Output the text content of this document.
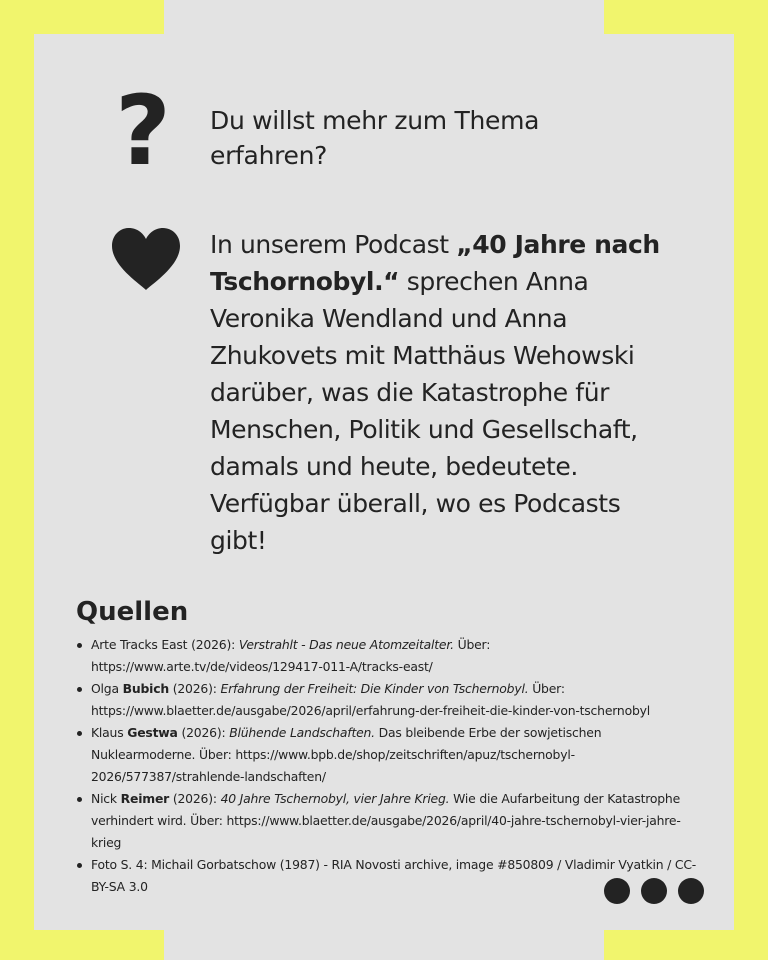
? Du willst mehr zum Thema
erfahren?
In unserem Podcast „40 Jahre nach Tschornobyl.“ sprechen Anna Veronika Wendland und Anna Zhukovets mit Matthäus Wehowski darüber, was die Katastrophe für Menschen, Politik und Gesellschaft, damals und heute, bedeutete. Verfügbar überall, wo es Podcasts gibt!
Quellen
Arte Tracks East (2026): Verstrahlt - Das neue Atomzeitalter. Über: https://www.arte.tv/de/videos/129417-011-A/tracks-east/
Olga Bubich (2026): Erfahrung der Freiheit: Die Kinder von Tschernobyl. Über: https://www.blaetter.de/ausgabe/2026/april/erfahrung-der-freiheit-die-kinder-von-tschernobyl
Klaus Gestwa (2026): Blühende Landschaften. Das bleibende Erbe der sowjetischen Nuklearmoderne. Über: https://www.bpb.de/shop/zeitschriften/apuz/tschernobyl-2026/577387/strahlende-landschaften/
Nick Reimer (2026): 40 Jahre Tschernobyl, vier Jahre Krieg. Wie die Aufarbeitung der Katastrophe verhindert wird. Über: https://www.blaetter.de/ausgabe/2026/april/40-jahre-tschernobyl-vier-jahre-krieg
Foto S. 4: Michail Gorbatschow (1987) - RIA Novosti archive, image #850809 / Vladimir Vyatkin / CC-BY-SA 3.0
